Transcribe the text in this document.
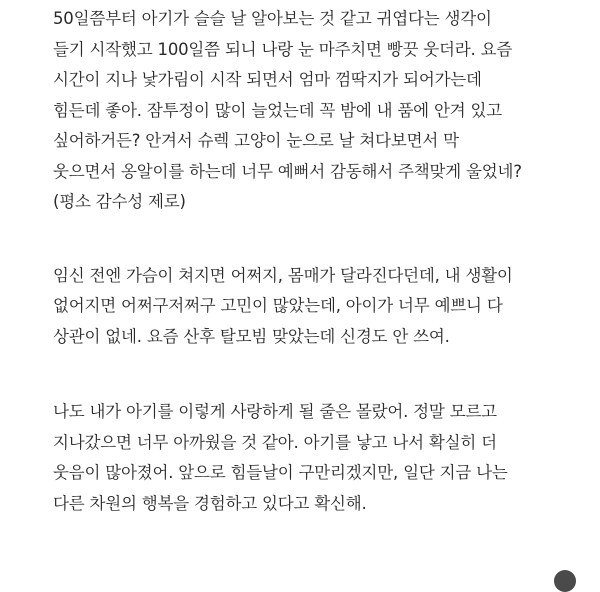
50일쯤부터 아기가 슬슬 날 알아보는 것 같고 귀엽다는 생각이
들기 시작했고 100일쯤 되니 나랑 눈 마주치면 빵끗 웃더라. 요즘
시간이 지나 낯가림이 시작 되면서 엄마 껌딱지가 되어가는데
힘든데 좋아. 잠투정이 많이 늘었는데 꼭 밤에 내 품에 안겨 있고
싶어하거든? 안겨서 슈렉 고양이 눈으로 날 쳐다보면서 막
웃으면서 옹알이를 하는데 너무 예뻐서 감동해서 주책맞게 울었네?
(평소 감수성 제로)

임신 전엔 가슴이 쳐지면 어쩌지, 몸매가 달라진다던데, 내 생활이
없어지면 어쩌구저쩌구 고민이 많았는데, 아이가 너무 예쁘니 다
상관이 없네. 요즘 산후 탈모빔 맞았는데 신경도 안 쓰여.

나도 내가 아기를 이렇게 사랑하게 될 줄은 몰랐어. 정말 모르고
지나갔으면 너무 아까웠을 것 같아. 아기를 낳고 나서 확실히 더
웃음이 많아졌어. 앞으로 힘들날이 구만리겠지만, 일단 지금 나는
다른 차원의 행복을 경험하고 있다고 확신해.
